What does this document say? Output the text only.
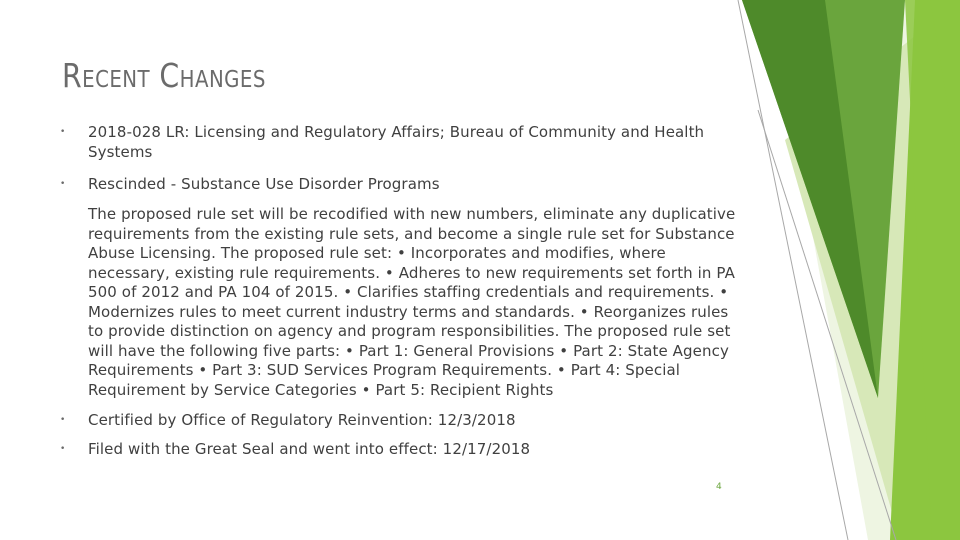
Recent Changes
• 2018-028 LR: Licensing and Regulatory Affairs; Bureau of Community and Health Systems
• Rescinded - Substance Use Disorder Programs
The proposed rule set will be recodified with new numbers, eliminate any duplicative requirements from the existing rule sets, and become a single rule set for Substance Abuse Licensing. The proposed rule set: • Incorporates and modifies, where necessary, existing rule requirements. • Adheres to new requirements set forth in PA 500 of 2012 and PA 104 of 2015. • Clarifies staffing credentials and requirements. • Modernizes rules to meet current industry terms and standards. • Reorganizes rules to provide distinction on agency and program responsibilities. The proposed rule set will have the following five parts: • Part 1: General Provisions • Part 2: State Agency Requirements • Part 3: SUD Services Program Requirements. • Part 4: Special Requirement by Service Categories • Part 5: Recipient Rights
• Certified by Office of Regulatory Reinvention: 12/3/2018
• Filed with the Great Seal and went into effect: 12/17/2018
4
